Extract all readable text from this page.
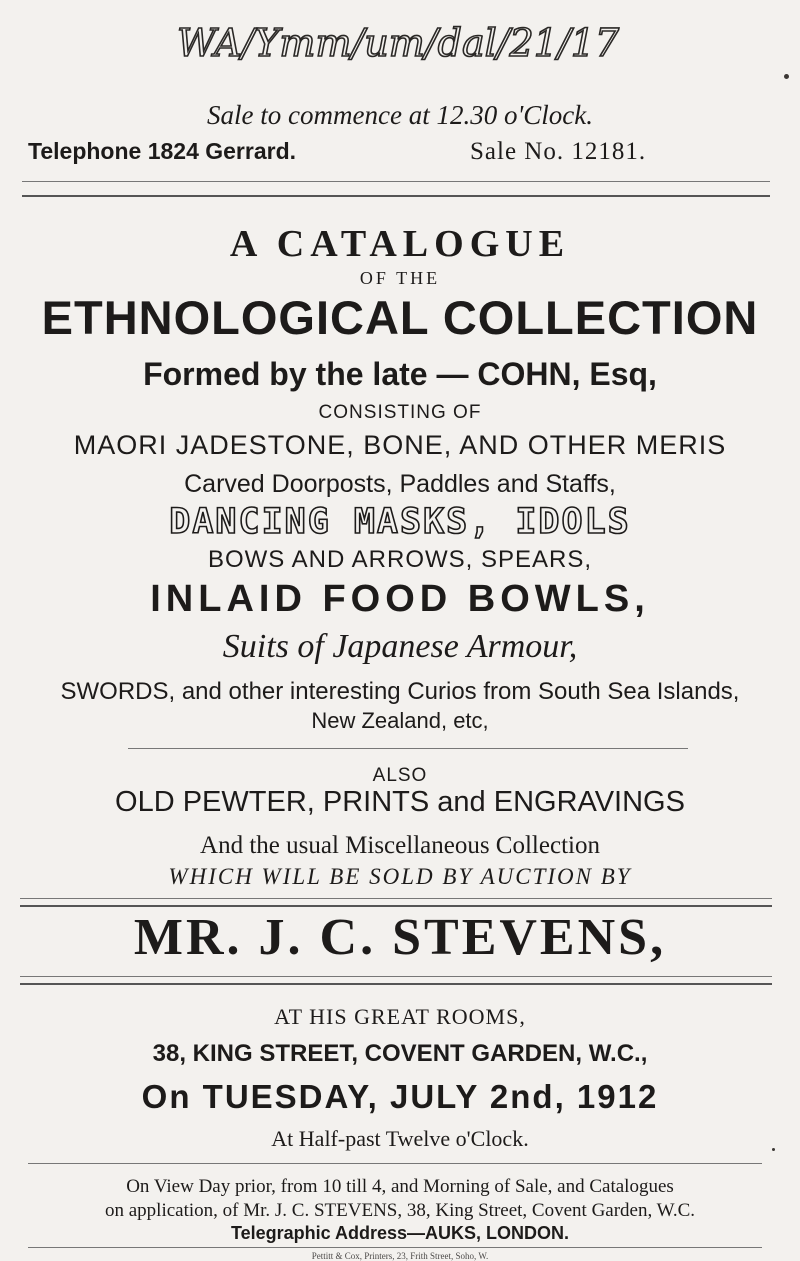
WA/Ymm/um/dal/21/17
Sale to commence at 12.30 o'Clock.
Telephone 1824 Gerrard.	Sale No. 12181.
A CATALOGUE
OF THE
ETHNOLOGICAL COLLECTION
Formed by the late — COHN, Esq,
CONSISTING OF
MAORI JADESTONE, BONE, AND OTHER MERIS
Carved Doorposts, Paddles and Staffs,
DANCING MASKS, IDOLS
BOWS AND ARROWS, SPEARS,
INLAID FOOD BOWLS,
Suits of Japanese Armour,
SWORDS, and other interesting Curios from South Sea Islands,
New Zealand, etc,
ALSO
OLD PEWTER, PRINTS and ENGRAVINGS
And the usual Miscellaneous Collection
WHICH WILL BE SOLD BY AUCTION BY
MR. J. C. STEVENS,
AT HIS GREAT ROOMS,
38, KING STREET, COVENT GARDEN, W.C.,
On TUESDAY, JULY 2nd, 1912
At Half-past Twelve o'Clock.
On View Day prior, from 10 till 4, and Morning of Sale, and Catalogues
on application, of Mr. J. C. STEVENS, 38, King Street, Covent Garden, W.C.
Telegraphic Address—AUKS, LONDON.
Pettitt & Cox, Printers, 23, Frith Street, Soho, W.
